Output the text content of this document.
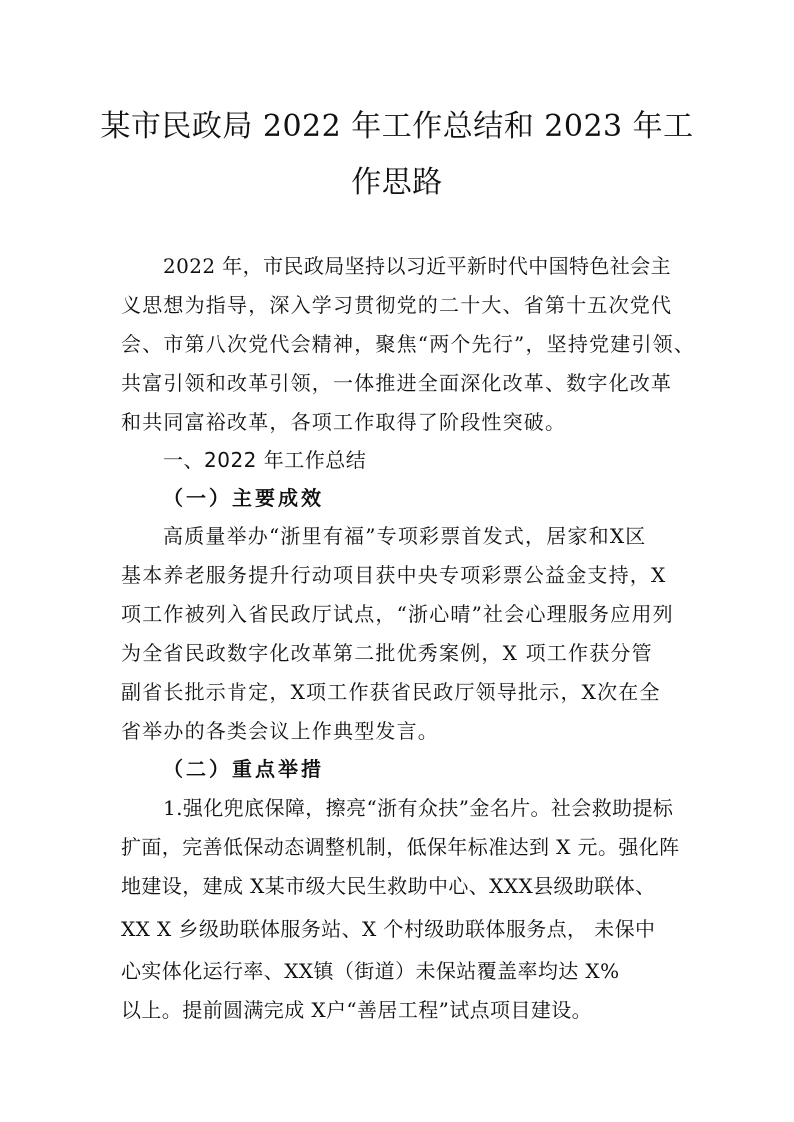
某市民政局 2022 年工作总结和 2023 年工
作思路
2022 年，市民政局坚持以习近平新时代中国特色社会主
义思想为指导，深入学习贯彻党的二十大、省第十五次党代
会、市第八次党代会精神，聚焦“两个先行”，坚持党建引领、
共富引领和改革引领，一体推进全面深化改革、数字化改革
和共同富裕改革，各项工作取得了阶段性突破。
一、2022 年工作总结
（一）主要成效
高质量举办“浙里有福”专项彩票首发式，居家和X区
基本养老服务提升行动项目获中央专项彩票公益金支持，X
项工作被列入省民政厅试点，“浙心晴”社会心理服务应用列
为全省民政数字化改革第二批优秀案例，X 项工作获分管
副省长批示肯定，X项工作获省民政厅领导批示，X次在全
省举办的各类会议上作典型发言。
（二）重点举措
1.强化兜底保障，擦亮“浙有众扶”金名片。社会救助提标
扩面，完善低保动态调整机制，低保年标准达到 X 元。强化阵
地建设，建成 X某市级大民生救助中心、XXX县级助联体、
XX X 乡级助联体服务站、X 个村级助联体服务点， 未保中
心实体化运行率、XX镇（街道）未保站覆盖率均达 X%
以上。提前圆满完成 X户“善居工程”试点项目建设。
